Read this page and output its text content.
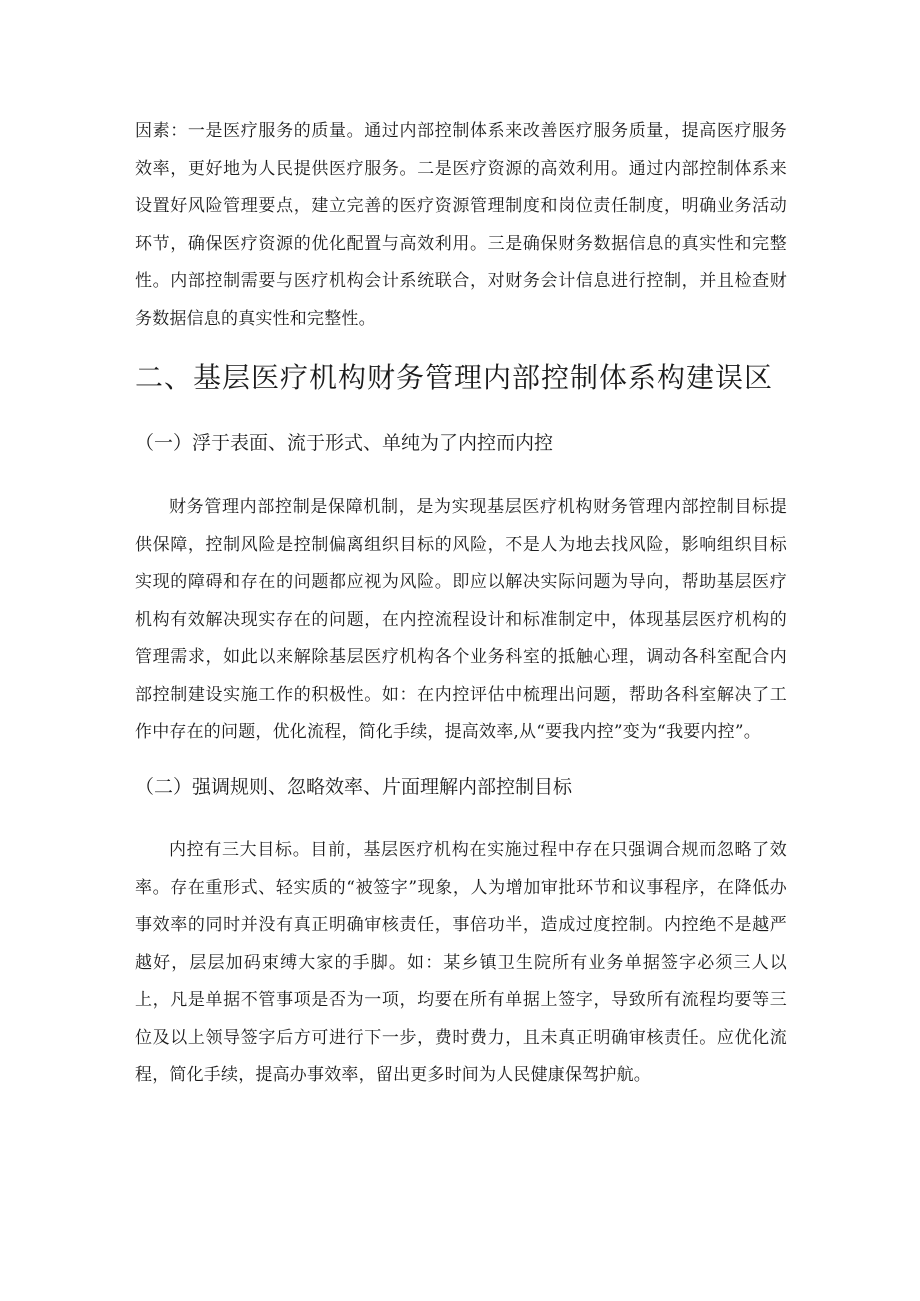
因素：一是医疗服务的质量。通过内部控制体系来改善医疗服务质量，提高医疗服务效率，更好地为人民提供医疗服务。二是医疗资源的高效利用。通过内部控制体系来设置好风险管理要点，建立完善的医疗资源管理制度和岗位责任制度，明确业务活动环节，确保医疗资源的优化配置与高效利用。三是确保财务数据信息的真实性和完整性。内部控制需要与医疗机构会计系统联合，对财务会计信息进行控制，并且检查财务数据信息的真实性和完整性。

二、基层医疗机构财务管理内部控制体系构建误区
（一）浮于表面、流于形式、单纯为了内控而内控

财务管理内部控制是保障机制，是为实现基层医疗机构财务管理内部控制目标提供保障，控制风险是控制偏离组织目标的风险，不是人为地去找风险，影响组织目标实现的障碍和存在的问题都应视为风险。即应以解决实际问题为导向，帮助基层医疗机构有效解决现实存在的问题，在内控流程设计和标准制定中，体现基层医疗机构的管理需求，如此以来解除基层医疗机构各个业务科室的抵触心理，调动各科室配合内部控制建设实施工作的积极性。如：在内控评估中梳理出问题，帮助各科室解决了工作中存在的问题，优化流程，简化手续，提高效率,从“要我内控”变为“我要内控”。

（二）强调规则、忽略效率、片面理解内部控制目标

内控有三大目标。目前，基层医疗机构在实施过程中存在只强调合规而忽略了效率。存在重形式、轻实质的“被签字”现象，人为增加审批环节和议事程序，在降低办事效率的同时并没有真正明确审核责任，事倍功半，造成过度控制。内控绝不是越严越好，层层加码束缚大家的手脚。如：某乡镇卫生院所有业务单据签字必须三人以上，凡是单据不管事项是否为一项，均要在所有单据上签字，导致所有流程均要等三位及以上领导签字后方可进行下一步，费时费力，且未真正明确审核责任。应优化流程，简化手续，提高办事效率，留出更多时间为人民健康保驾护航。
